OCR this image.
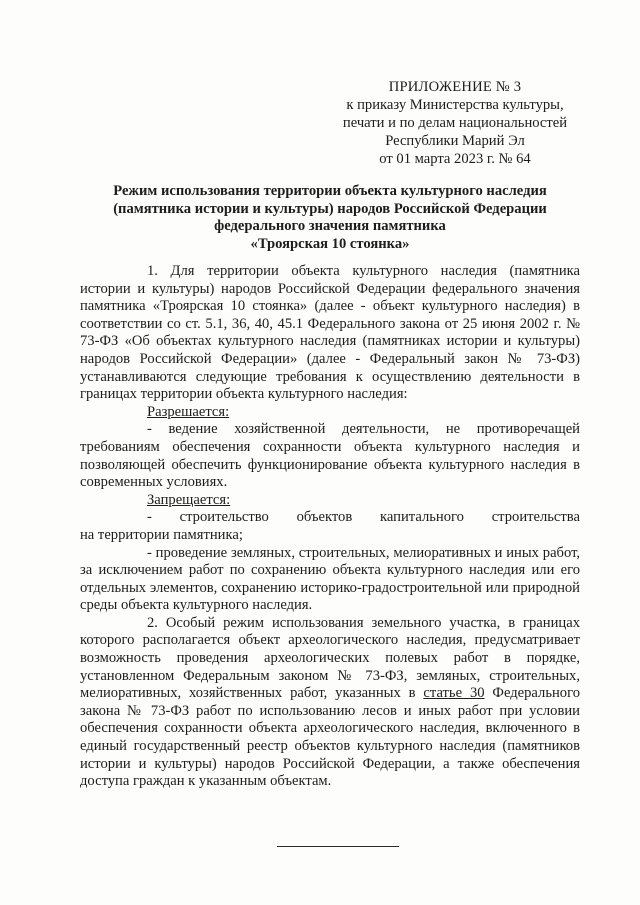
ПРИЛОЖЕНИЕ № 3
к приказу Министерства культуры,
печати и по делам национальностей
Республики Марий Эл
от 01 марта 2023 г. № 64
Режим использования территории объекта культурного наследия
(памятника истории и культуры) народов Российской Федерации
федерального значения памятника
«Троярская 10 стоянка»

1. Для территории объекта культурного наследия (памятника истории и культуры) народов Российской Федерации федерального значения памятника «Троярская 10 стоянка» (далее - объект культурного наследия) в соответствии со ст. 5.1, 36, 40, 45.1 Федерального закона от 25 июня 2002 г. № 73-ФЗ «Об объектах культурного наследия (памятниках истории и культуры) народов Российской Федерации» (далее - Федеральный закон № 73-ФЗ) устанавливаются следующие требования к осуществлению деятельности в границах территории объекта культурного наследия:

Разрешается:

- ведение хозяйственной деятельности, не противоречащей требованиям обеспечения сохранности объекта культурного наследия и позволяющей обеспечить функционирование объекта культурного наследия в современных условиях.

Запрещается:

- строительство объектов капитального строительства

на территории памятника;

- проведение земляных, строительных, мелиоративных и иных работ, за исключением работ по сохранению объекта культурного наследия или его отдельных элементов, сохранению историко-градостроительной или природной среды объекта культурного наследия.

2. Особый режим использования земельного участка, в границах которого располагается объект археологического наследия, предусматривает возможность проведения археологических полевых работ в порядке, установленном Федеральным законом № 73-ФЗ, земляных, строительных, мелиоративных, хозяйственных работ, указанных в статье 30 Федерального закона № 73-ФЗ работ по использованию лесов и иных работ при условии обеспечения сохранности объекта археологического наследия, включенного в единый государственный реестр объектов культурного наследия (памятников истории и культуры) народов Российской Федерации, а также обеспечения доступа граждан к указанным объектам.
